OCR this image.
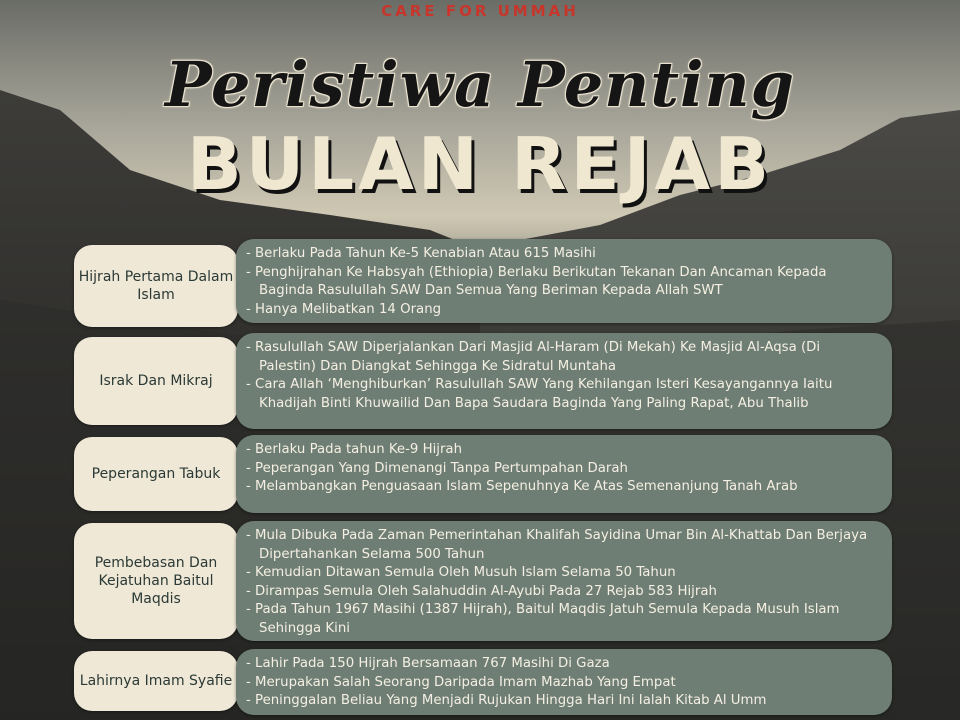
CARE FOR UMMAH
Peristiwa Penting
BULAN REJAB
Hijrah Pertama Dalam Islam
- Berlaku Pada Tahun Ke-5 Kenabian Atau 615 Masihi
- Penghijrahan Ke Habsyah (Ethiopia) Berlaku Berikutan Tekanan Dan Ancaman Kepada Baginda Rasulullah SAW Dan Semua Yang Beriman Kepada Allah SWT
- Hanya Melibatkan 14 Orang
Israk Dan Mikraj
- Rasulullah SAW Diperjalankan Dari Masjid Al-Haram (Di Mekah) Ke Masjid Al-Aqsa (Di Palestin) Dan Diangkat Sehingga Ke Sidratul Muntaha
- Cara Allah ‘Menghiburkan’ Rasulullah SAW Yang Kehilangan Isteri Kesayangannya Iaitu Khadijah Binti Khuwailid Dan Bapa Saudara Baginda Yang Paling Rapat, Abu Thalib
Peperangan Tabuk
- Berlaku Pada tahun Ke-9 Hijrah
- Peperangan Yang Dimenangi Tanpa Pertumpahan Darah
- Melambangkan Penguasaan Islam Sepenuhnya Ke Atas Semenanjung Tanah Arab
Pembebasan Dan Kejatuhan Baitul Maqdis
- Mula Dibuka Pada Zaman Pemerintahan Khalifah Sayidina Umar Bin Al-Khattab Dan Berjaya Dipertahankan Selama 500 Tahun
- Kemudian Ditawan Semula Oleh Musuh Islam Selama 50 Tahun
- Dirampas Semula Oleh Salahuddin Al-Ayubi Pada 27 Rejab 583 Hijrah
- Pada Tahun 1967 Masihi (1387 Hijrah), Baitul Maqdis Jatuh Semula Kepada Musuh Islam Sehingga Kini
Lahirnya Imam Syafie
- Lahir Pada 150 Hijrah Bersamaan 767 Masihi Di Gaza
- Merupakan Salah Seorang Daripada Imam Mazhab Yang Empat
- Peninggalan Beliau Yang Menjadi Rujukan Hingga Hari Ini Ialah Kitab Al Umm
